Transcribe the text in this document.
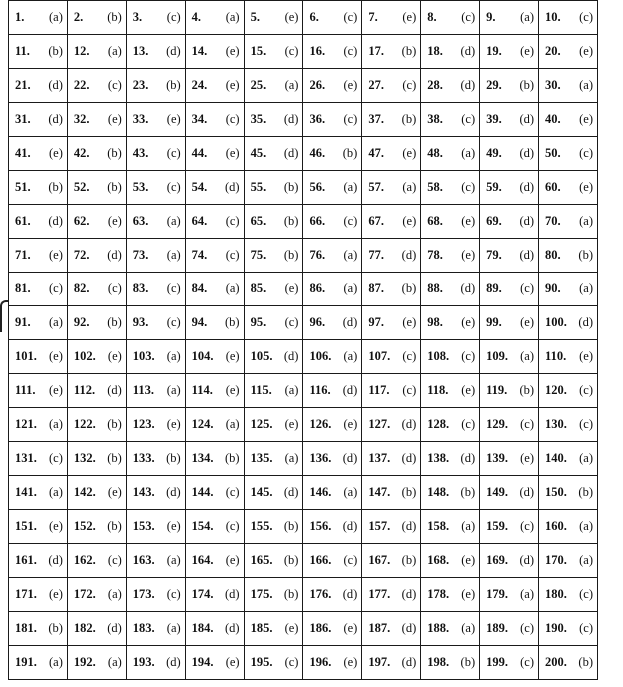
1. (a)	2. (b)	3. (c)	4. (a)	5. (e)	6. (c)	7. (e)	8. (c)	9. (a)	10. (c)

11. (b)	12. (a)	13. (d)	14. (e)	15. (c)	16. (c)	17. (b)	18. (d)	19. (e)	20. (e)

21. (d)	22. (c)	23. (b)	24. (e)	25. (a)	26. (e)	27. (c)	28. (d)	29. (b)	30. (a)

31. (d)	32. (e)	33. (e)	34. (c)	35. (d)	36. (c)	37. (b)	38. (c)	39. (d)	40. (e)

41. (e)	42. (b)	43. (c)	44. (e)	45. (d)	46. (b)	47. (e)	48. (a)	49. (d)	50. (c)

51. (b)	52. (b)	53. (c)	54. (d)	55. (b)	56. (a)	57. (a)	58. (c)	59. (d)	60. (e)

61. (d)	62. (e)	63. (a)	64. (c)	65. (b)	66. (c)	67. (e)	68. (e)	69. (d)	70. (a)

71. (e)	72. (d)	73. (a)	74. (c)	75. (b)	76. (a)	77. (d)	78. (e)	79. (d)	80. (b)

81. (c)	82. (c)	83. (c)	84. (a)	85. (e)	86. (a)	87. (b)	88. (d)	89. (c)	90. (a)

91. (a)	92. (b)	93. (c)	94. (b)	95. (c)	96. (d)	97. (e)	98. (e)	99. (e)	100. (d)

101. (e)	102. (e)	103. (a)	104. (e)	105. (d)	106. (a)	107. (c)	108. (c)	109. (a)	110. (e)

111. (e)	112. (d)	113. (a)	114. (e)	115. (a)	116. (d)	117. (c)	118. (e)	119. (b)	120. (c)

121. (a)	122. (b)	123. (e)	124. (a)	125. (e)	126. (e)	127. (d)	128. (c)	129. (c)	130. (c)

131. (c)	132. (b)	133. (b)	134. (b)	135. (a)	136. (d)	137. (d)	138. (d)	139. (e)	140. (a)

141. (a)	142. (e)	143. (d)	144. (c)	145. (d)	146. (a)	147. (b)	148. (b)	149. (d)	150. (b)

151. (e)	152. (b)	153. (e)	154. (c)	155. (b)	156. (d)	157. (d)	158. (a)	159. (c)	160. (a)

161. (d)	162. (c)	163. (a)	164. (e)	165. (b)	166. (c)	167. (b)	168. (e)	169. (d)	170. (a)

171. (e)	172. (a)	173. (c)	174. (d)	175. (b)	176. (d)	177. (d)	178. (e)	179. (a)	180. (c)

181. (b)	182. (d)	183. (a)	184. (d)	185. (e)	186. (e)	187. (d)	188. (a)	189. (c)	190. (c)

191. (a)	192. (a)	193. (d)	194. (e)	195. (c)	196. (e)	197. (d)	198. (b)	199. (c)	200. (b)
